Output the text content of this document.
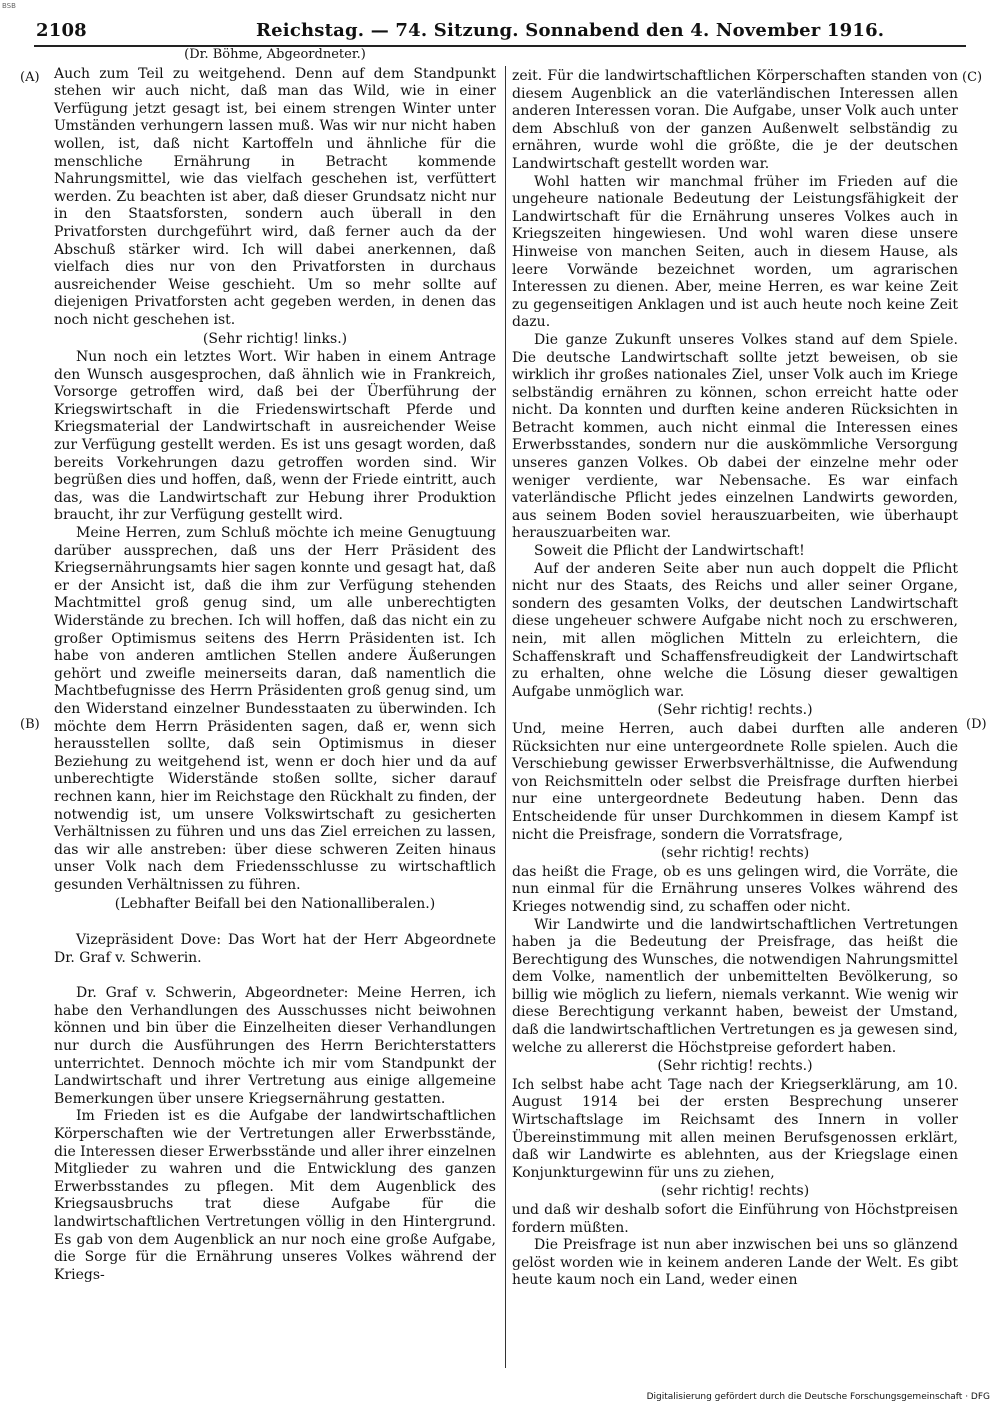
BSB
2108	Reichstag. — 74. Sitzung. Sonnabend den 4. November 1916.
(A)
(B)
(C)
(D)

(Dr. Böhme, Abgeordneter.)

Auch zum Teil zu weitgehend. Denn auf dem Standpunkt stehen wir auch nicht, daß man das Wild, wie in einer Verfügung jetzt gesagt ist, bei einem strengen Winter unter Umständen verhungern lassen muß. Was wir nur nicht haben wollen, ist, daß nicht Kartoffeln und ähnliche für die menschliche Ernährung in Betracht kommende Nahrungsmittel, wie das vielfach geschehen ist, verfüttert werden. Zu beachten ist aber, daß dieser Grundsatz nicht nur in den Staatsforsten, sondern auch überall in den Privatforsten durchgeführt wird, daß ferner auch da der Abschuß stärker wird. Ich will dabei anerkennen, daß vielfach dies nur von den Privatforsten in durchaus ausreichender Weise geschieht. Um so mehr sollte auf diejenigen Privatforsten acht gegeben werden, in denen das noch nicht geschehen ist.

(Sehr richtig! links.)

Nun noch ein letztes Wort. Wir haben in einem Antrage den Wunsch ausgesprochen, daß ähnlich wie in Frankreich, Vorsorge getroffen wird, daß bei der Überführung der Kriegswirtschaft in die Friedenswirtschaft Pferde und Kriegsmaterial der Landwirtschaft in ausreichender Weise zur Verfügung gestellt werden. Es ist uns gesagt worden, daß bereits Vorkehrungen dazu getroffen worden sind. Wir begrüßen dies und hoffen, daß, wenn der Friede eintritt, auch das, was die Landwirtschaft zur Hebung ihrer Produktion braucht, ihr zur Verfügung gestellt wird.

Meine Herren, zum Schluß möchte ich meine Genugtuung darüber aussprechen, daß uns der Herr Präsident des Kriegsernährungsamts hier sagen konnte und gesagt hat, daß er der Ansicht ist, daß die ihm zur Verfügung stehenden Machtmittel groß genug sind, um alle unberechtigten Widerstände zu brechen. Ich will hoffen, daß das nicht ein zu großer Optimismus seitens des Herrn Präsidenten ist. Ich habe von anderen amtlichen Stellen andere Äußerungen gehört und zweifle meinerseits daran, daß namentlich die Machtbefugnisse des Herrn Präsidenten groß genug sind, um den Widerstand einzelner Bundesstaaten zu überwinden. Ich möchte dem Herrn Präsidenten sagen, daß er, wenn sich herausstellen sollte, daß sein Optimismus in dieser Beziehung zu weitgehend ist, wenn er doch hier und da auf unberechtigte Widerstände stoßen sollte, sicher darauf rechnen kann, hier im Reichstage den Rückhalt zu finden, der notwendig ist, um unsere Volkswirtschaft zu gesicherten Verhältnissen zu führen und uns das Ziel erreichen zu lassen, das wir alle anstreben: über diese schweren Zeiten hinaus unser Volk nach dem Friedensschlusse zu wirtschaftlich gesunden Verhältnissen zu führen.

(Lebhafter Beifall bei den Nationalliberalen.)

Vizepräsident Dove: Das Wort hat der Herr Abgeordnete Dr. Graf v. Schwerin.

Dr. Graf v. Schwerin, Abgeordneter: Meine Herren, ich habe den Verhandlungen des Ausschusses nicht beiwohnen können und bin über die Einzelheiten dieser Verhandlungen nur durch die Ausführungen des Herrn Berichterstatters unterrichtet. Dennoch möchte ich mir vom Standpunkt der Landwirtschaft und ihrer Vertretung aus einige allgemeine Bemerkungen über unsere Kriegsernährung gestatten.

Im Frieden ist es die Aufgabe der landwirtschaftlichen Körperschaften wie der Vertretungen aller Erwerbsstände, die Interessen dieser Erwerbsstände und aller ihrer einzelnen Mitglieder zu wahren und die Entwicklung des ganzen Erwerbsstandes zu pflegen. Mit dem Augenblick des Kriegsausbruchs trat diese Aufgabe für die landwirtschaftlichen Vertretungen völlig in den Hintergrund. Es gab von dem Augenblick an nur noch eine große Aufgabe, die Sorge für die Ernährung unseres Volkes während der Kriegs-

zeit. Für die landwirtschaftlichen Körperschaften standen von diesem Augenblick an die vaterländischen Interessen allen anderen Interessen voran. Die Aufgabe, unser Volk auch unter dem Abschluß von der ganzen Außenwelt selbständig zu ernähren, wurde wohl die größte, die je der deutschen Landwirtschaft gestellt worden war.

Wohl hatten wir manchmal früher im Frieden auf die ungeheure nationale Bedeutung der Leistungsfähigkeit der Landwirtschaft für die Ernährung unseres Volkes auch in Kriegszeiten hingewiesen. Und wohl waren diese unsere Hinweise von manchen Seiten, auch in diesem Hause, als leere Vorwände bezeichnet worden, um agrarischen Interessen zu dienen. Aber, meine Herren, es war keine Zeit zu gegenseitigen Anklagen und ist auch heute noch keine Zeit dazu.

Die ganze Zukunft unseres Volkes stand auf dem Spiele. Die deutsche Landwirtschaft sollte jetzt beweisen, ob sie wirklich ihr großes nationales Ziel, unser Volk auch im Kriege selbständig ernähren zu können, schon erreicht hatte oder nicht. Da konnten und durften keine anderen Rücksichten in Betracht kommen, auch nicht einmal die Interessen eines Erwerbsstandes, sondern nur die auskömmliche Versorgung unseres ganzen Volkes. Ob dabei der einzelne mehr oder weniger verdiente, war Nebensache. Es war einfach vaterländische Pflicht jedes einzelnen Landwirts geworden, aus seinem Boden soviel herauszuarbeiten, wie überhaupt herauszuarbeiten war.

Soweit die Pflicht der Landwirtschaft!

Auf der anderen Seite aber nun auch doppelt die Pflicht nicht nur des Staats, des Reichs und aller seiner Organe, sondern des gesamten Volks, der deutschen Landwirtschaft diese ungeheuer schwere Aufgabe nicht noch zu erschweren, nein, mit allen möglichen Mitteln zu erleichtern, die Schaffenskraft und Schaffensfreudigkeit der Landwirtschaft zu erhalten, ohne welche die Lösung dieser gewaltigen Aufgabe unmöglich war.

(Sehr richtig! rechts.)

Und, meine Herren, auch dabei durften alle anderen Rücksichten nur eine untergeordnete Rolle spielen. Auch die Verschiebung gewisser Erwerbsverhältnisse, die Aufwendung von Reichsmitteln oder selbst die Preisfrage durften hierbei nur eine untergeordnete Bedeutung haben. Denn das Entscheidende für unser Durchkommen in diesem Kampf ist nicht die Preisfrage, sondern die Vorratsfrage,

(sehr richtig! rechts)

das heißt die Frage, ob es uns gelingen wird, die Vorräte, die nun einmal für die Ernährung unseres Volkes während des Krieges notwendig sind, zu schaffen oder nicht.

Wir Landwirte und die landwirtschaftlichen Vertretungen haben ja die Bedeutung der Preisfrage, das heißt die Berechtigung des Wunsches, die notwendigen Nahrungsmittel dem Volke, namentlich der unbemittelten Bevölkerung, so billig wie möglich zu liefern, niemals verkannt. Wie wenig wir diese Berechtigung verkannt haben, beweist der Umstand, daß die landwirtschaftlichen Vertretungen es ja gewesen sind, welche zu allererst die Höchstpreise gefordert haben.

(Sehr richtig! rechts.)

Ich selbst habe acht Tage nach der Kriegserklärung, am 10. August 1914 bei der ersten Besprechung unserer Wirtschaftslage im Reichsamt des Innern in voller Übereinstimmung mit allen meinen Berufsgenossen erklärt, daß wir Landwirte es ablehnten, aus der Kriegslage einen Konjunkturgewinn für uns zu ziehen,

(sehr richtig! rechts)

und daß wir deshalb sofort die Einführung von Höchstpreisen fordern müßten.

Die Preisfrage ist nun aber inzwischen bei uns so glänzend gelöst worden wie in keinem anderen Lande der Welt. Es gibt heute kaum noch ein Land, weder einen

Digitalisierung gefördert durch die Deutsche Forschungsgemeinschaft · DFG
